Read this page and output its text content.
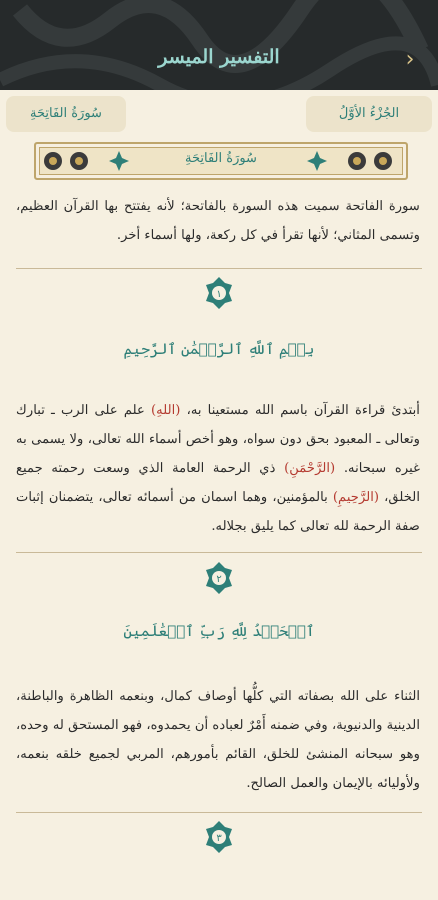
التفسير الميسر	›
سُورَةُ الفَاتِحَةِ	الجُزْءُ الأوَّلُ
سُورَةُ الفَاتِحَةِ
سورة الفاتحة سميت هذه السورة بالفاتحة؛ لأنه يفتتح بها القرآن العظيم، وتسمى المثاني؛ لأنها تقرأ في كل ركعة، ولها أسماء أخر.
١
بِسۡمِ ٱللَّهِ ٱلرَّحۡمَٰنِ ٱلرَّحِيمِ
أبتدئ قراءة القرآن باسم الله مستعينا به، (اللهِ) علم على الرب ـ تبارك وتعالى ـ المعبود بحق دون سواه، وهو أخص أسماء الله تعالى، ولا يسمى به غيره سبحانه. (الرَّحْمَنِ) ذي الرحمة العامة الذي وسعت رحمته جميع الخلق، (الرَّحِيمِ) بالمؤمنين، وهما اسمان من أسمائه تعالى، يتضمنان إثبات صفة الرحمة لله تعالى كما يليق بجلاله.
٢
ٱلۡحَمۡدُ لِلَّهِ رَبِّ ٱلۡعَٰلَمِينَ
الثناء على الله بصفاته التي كلُّها أوصاف كمال، وبنعمه الظاهرة والباطنة، الدينية والدنيوية، وفي ضمنه أَمْرٌ لعباده أن يحمدوه، فهو المستحق له وحده، وهو سبحانه المنشئ للخلق، القائم بأمورهم، المربي لجميع خلقه بنعمه، ولأوليائه بالإيمان والعمل الصالح.
٣
